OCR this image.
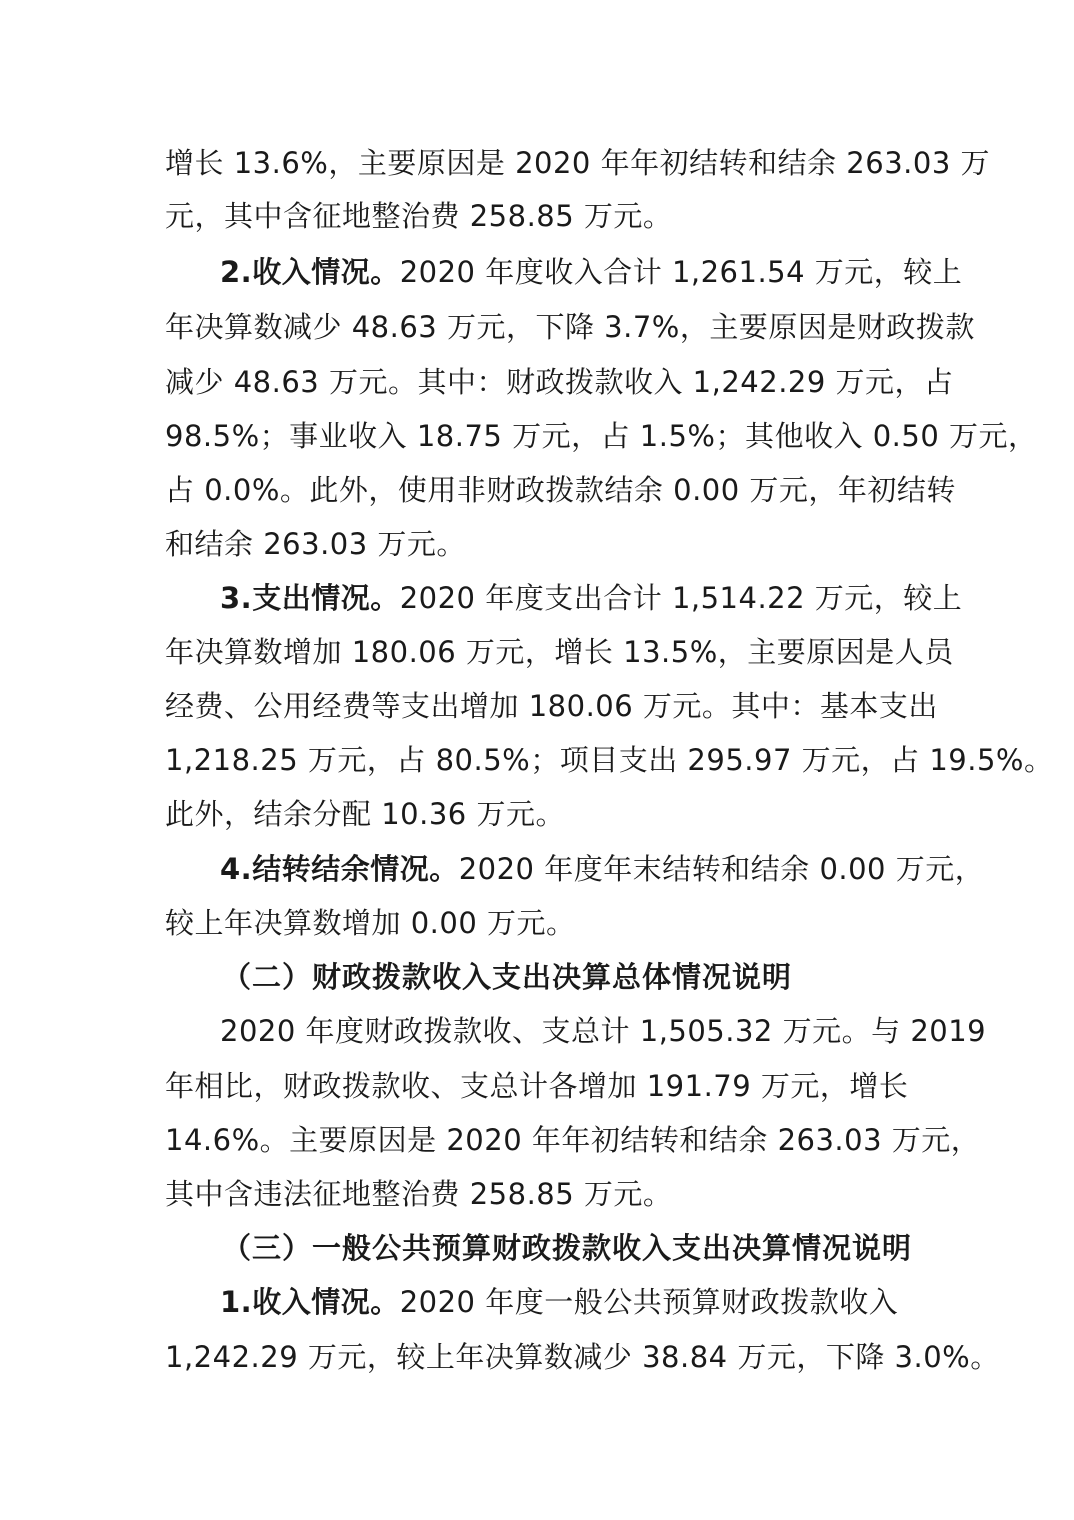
增长 13.6%，主要原因是 2020 年年初结转和结余 263.03 万
元，其中含征地整治费 258.85 万元。
2.收入情况。2020 年度收入合计 1,261.54 万元，较上
年决算数减少 48.63 万元，下降 3.7%，主要原因是财政拨款
减少 48.63 万元。其中：财政拨款收入 1,242.29 万元，占
98.5%；事业收入 18.75 万元，占 1.5%；其他收入 0.50 万元，
占 0.0%。此外，使用非财政拨款结余 0.00 万元，年初结转
和结余 263.03 万元。
3.支出情况。2020 年度支出合计 1,514.22 万元，较上
年决算数增加 180.06 万元，增长 13.5%，主要原因是人员
经费、公用经费等支出增加 180.06 万元。其中：基本支出
1,218.25 万元，占 80.5%；项目支出 295.97 万元，占 19.5%。
此外，结余分配 10.36 万元。
4.结转结余情况。2020 年度年末结转和结余 0.00 万元，
较上年决算数增加 0.00 万元。
（二）财政拨款收入支出决算总体情况说明
2020 年度财政拨款收、支总计 1,505.32 万元。与 2019
年相比，财政拨款收、支总计各增加 191.79 万元，增长
14.6%。主要原因是 2020 年年初结转和结余 263.03 万元，
其中含违法征地整治费 258.85 万元。
（三）一般公共预算财政拨款收入支出决算情况说明
1.收入情况。2020 年度一般公共预算财政拨款收入
1,242.29 万元，较上年决算数减少 38.84 万元，下降 3.0%。
